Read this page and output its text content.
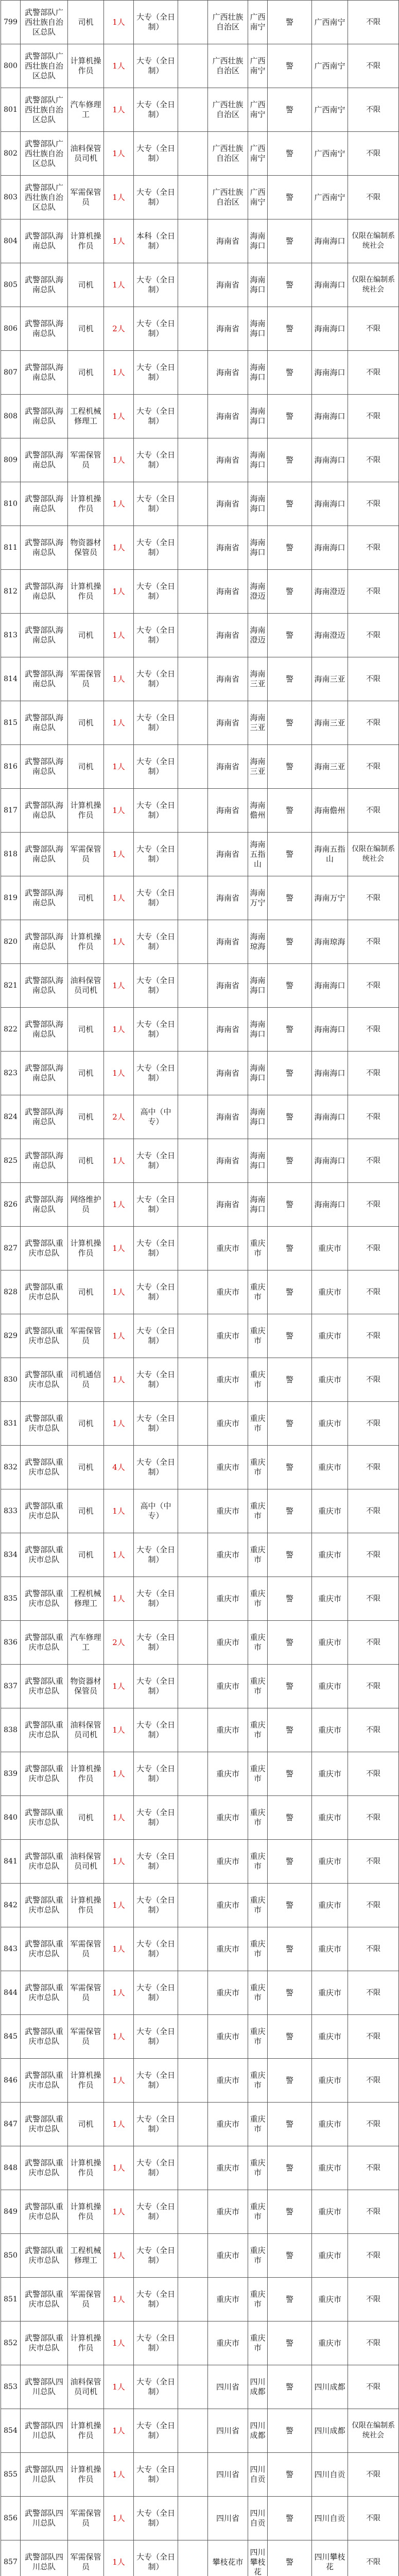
799	武警部队广西壮族自治区总队	司机	1人	大专（全日制）		广西壮族自治区	广西南宁	警	广西南宁	不限
800	武警部队广西壮族自治区总队	计算机操作员	1人	大专（全日制）		广西壮族自治区	广西南宁	警	广西南宁	不限
801	武警部队广西壮族自治区总队	汽车修理工	1人	大专（全日制）		广西壮族自治区	广西南宁	警	广西南宁	不限
802	武警部队广西壮族自治区总队	油料保管员司机	1人	大专（全日制）		广西壮族自治区	广西南宁	警	广西南宁	不限
803	武警部队广西壮族自治区总队	军需保管员	1人	大专（全日制）		广西壮族自治区	广西南宁	警	广西南宁	不限
804	武警部队海南总队	计算机操作员	1人	本科（全日制）		海南省	海南海口	警	海南海口	仅限在编制系统社会
805	武警部队海南总队	司机	1人	大专（全日制）		海南省	海南海口	警	海南海口	仅限在编制系统社会
806	武警部队海南总队	司机	2人	大专（全日制）		海南省	海南海口	警	海南海口	不限
807	武警部队海南总队	司机	1人	大专（全日制）		海南省	海南海口	警	海南海口	不限
808	武警部队海南总队	工程机械修理工	1人	大专（全日制）		海南省	海南海口	警	海南海口	不限
809	武警部队海南总队	军需保管员	1人	大专（全日制）		海南省	海南海口	警	海南海口	不限
810	武警部队海南总队	计算机操作员	1人	大专（全日制）		海南省	海南海口	警	海南海口	不限
811	武警部队海南总队	物资器材保管员	1人	大专（全日制）		海南省	海南海口	警	海南海口	不限
812	武警部队海南总队	计算机操作员	1人	大专（全日制）		海南省	海南澄迈	警	海南澄迈	不限
813	武警部队海南总队	司机	1人	大专（全日制）		海南省	海南澄迈	警	海南澄迈	不限
814	武警部队海南总队	军需保管员	1人	大专（全日制）		海南省	海南三亚	警	海南三亚	不限
815	武警部队海南总队	司机	1人	大专（全日制）		海南省	海南三亚	警	海南三亚	不限
816	武警部队海南总队	司机	1人	大专（全日制）		海南省	海南三亚	警	海南三亚	不限
817	武警部队海南总队	计算机操作员	1人	大专（全日制）		海南省	海南儋州	警	海南儋州	不限
818	武警部队海南总队	军需保管员	1人	大专（全日制）		海南省	海南五指山	警	海南五指山	仅限在编制系统社会
819	武警部队海南总队	司机	1人	大专（全日制）		海南省	海南万宁	警	海南万宁	不限
820	武警部队海南总队	计算机操作员	1人	大专（全日制）		海南省	海南琼海	警	海南琼海	不限
821	武警部队海南总队	油料保管员司机	1人	大专（全日制）		海南省	海南海口	警	海南海口	不限
822	武警部队海南总队	司机	1人	大专（全日制）		海南省	海南海口	警	海南海口	不限
823	武警部队海南总队	司机	1人	大专（全日制）		海南省	海南海口	警	海南海口	不限
824	武警部队海南总队	司机	2人	高中（中专）		海南省	海南海口	警	海南海口	不限
825	武警部队海南总队	司机	1人	大专（全日制）		海南省	海南海口	警	海南海口	不限
826	武警部队海南总队	网络维护员	1人	大专（全日制）		海南省	海南海口	警	海南海口	不限
827	武警部队重庆市总队	计算机操作员	1人	大专（全日制）		重庆市	重庆市	警	重庆市	不限
828	武警部队重庆市总队	司机	1人	大专（全日制）		重庆市	重庆市	警	重庆市	不限
829	武警部队重庆市总队	军需保管员	1人	大专（全日制）		重庆市	重庆市	警	重庆市	不限
830	武警部队重庆市总队	司机通信员	1人	大专（全日制）		重庆市	重庆市	警	重庆市	不限
831	武警部队重庆市总队	司机	1人	大专（全日制）		重庆市	重庆市	警	重庆市	不限
832	武警部队重庆市总队	司机	4人	大专（全日制）		重庆市	重庆市	警	重庆市	不限
833	武警部队重庆市总队	司机	1人	高中（中专）		重庆市	重庆市	警	重庆市	不限
834	武警部队重庆市总队	司机	1人	大专（全日制）		重庆市	重庆市	警	重庆市	不限
835	武警部队重庆市总队	工程机械修理工	1人	大专（全日制）		重庆市	重庆市	警	重庆市	不限
836	武警部队重庆市总队	汽车修理工	2人	大专（全日制）		重庆市	重庆市	警	重庆市	不限
837	武警部队重庆市总队	物资器材保管员	1人	大专（全日制）		重庆市	重庆市	警	重庆市	不限
838	武警部队重庆市总队	油料保管员司机	1人	大专（全日制）		重庆市	重庆市	警	重庆市	不限
839	武警部队重庆市总队	计算机操作员	1人	大专（全日制）		重庆市	重庆市	警	重庆市	不限
840	武警部队重庆市总队	司机	1人	大专（全日制）		重庆市	重庆市	警	重庆市	不限
841	武警部队重庆市总队	油料保管员司机	1人	大专（全日制）		重庆市	重庆市	警	重庆市	不限
842	武警部队重庆市总队	计算机操作员	1人	大专（全日制）		重庆市	重庆市	警	重庆市	不限
843	武警部队重庆市总队	军需保管员	1人	大专（全日制）		重庆市	重庆市	警	重庆市	不限
844	武警部队重庆市总队	军需保管员	1人	大专（全日制）		重庆市	重庆市	警	重庆市	不限
845	武警部队重庆市总队	军需保管员	1人	大专（全日制）		重庆市	重庆市	警	重庆市	不限
846	武警部队重庆市总队	计算机操作员	1人	大专（全日制）		重庆市	重庆市	警	重庆市	不限
847	武警部队重庆市总队	司机	1人	大专（全日制）		重庆市	重庆市	警	重庆市	不限
848	武警部队重庆市总队	计算机操作员	1人	大专（全日制）		重庆市	重庆市	警	重庆市	不限
849	武警部队重庆市总队	计算机操作员	1人	大专（全日制）		重庆市	重庆市	警	重庆市	不限
850	武警部队重庆市总队	工程机械修理工	1人	大专（全日制）		重庆市	重庆市	警	重庆市	不限
851	武警部队重庆市总队	军需保管员	1人	大专（全日制）		重庆市	重庆市	警	重庆市	不限
852	武警部队重庆市总队	计算机操作员	1人	大专（全日制）		重庆市	重庆市	警	重庆市	不限
853	武警部队四川总队	油料保管员司机	1人	大专（全日制）		四川省	四川成都	警	四川成都	不限
854	武警部队四川总队	计算机操作员	1人	大专（全日制）		四川省	四川成都	警	四川成都	仅限在编制系统社会
855	武警部队四川总队	计算机操作员	1人	大专（全日制）		四川省	四川自贡	警	四川自贡	不限
856	武警部队四川总队	军需保管员	1人	大专（全日制）		四川省	四川自贡	警	四川自贡	不限
857	武警部队四川总队	军需保管员	1人	大专（全日制）		攀枝花市	四川攀枝花	警	四川攀枝花	不限
